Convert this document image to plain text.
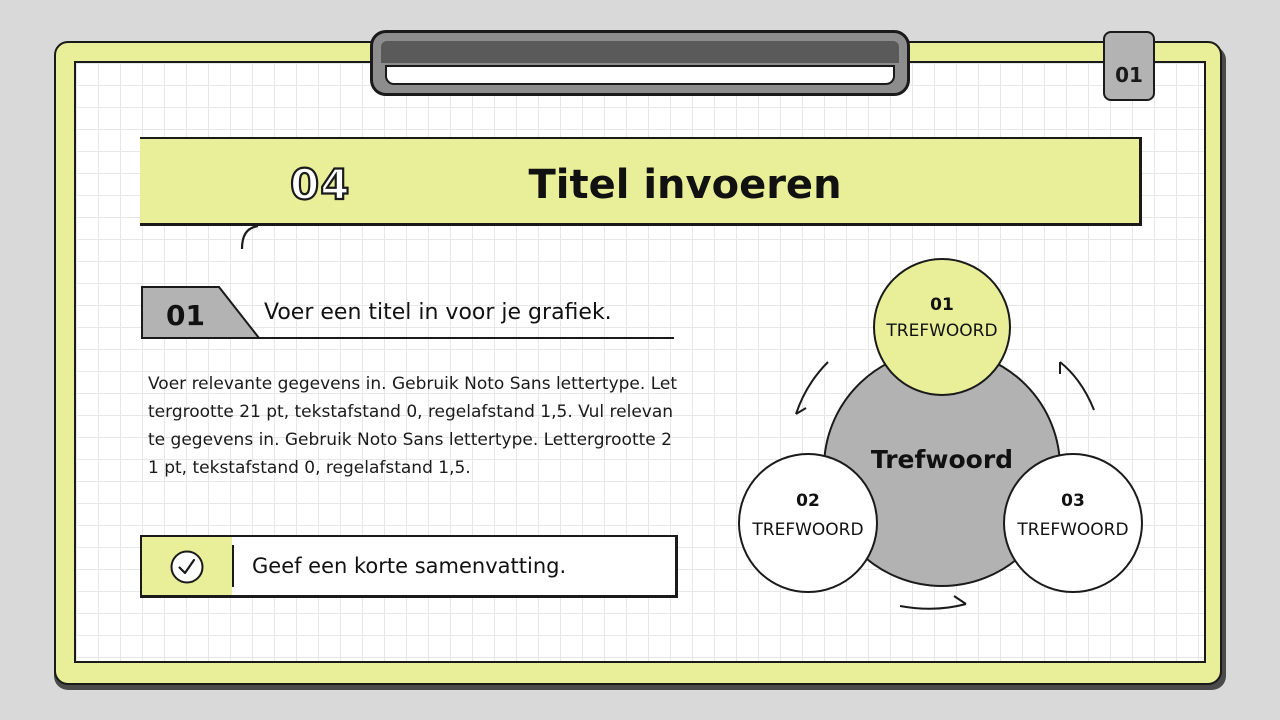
01
04	Titel invoeren
01	Voer een titel in voor je grafiek.
Voer relevante gegevens in. Gebruik Noto Sans lettertype. Lettergrootte 21 pt, tekstafstand 0, regelafstand 1,5. Vul relevante gegevens in. Gebruik Noto Sans lettertype. Lettergrootte 21 pt, tekstafstand 0, regelafstand 1,5.
Geef een korte samenvatting.
01
TREFWOORD
Trefwoord
02
TREFWOORD
03
TREFWOORD
